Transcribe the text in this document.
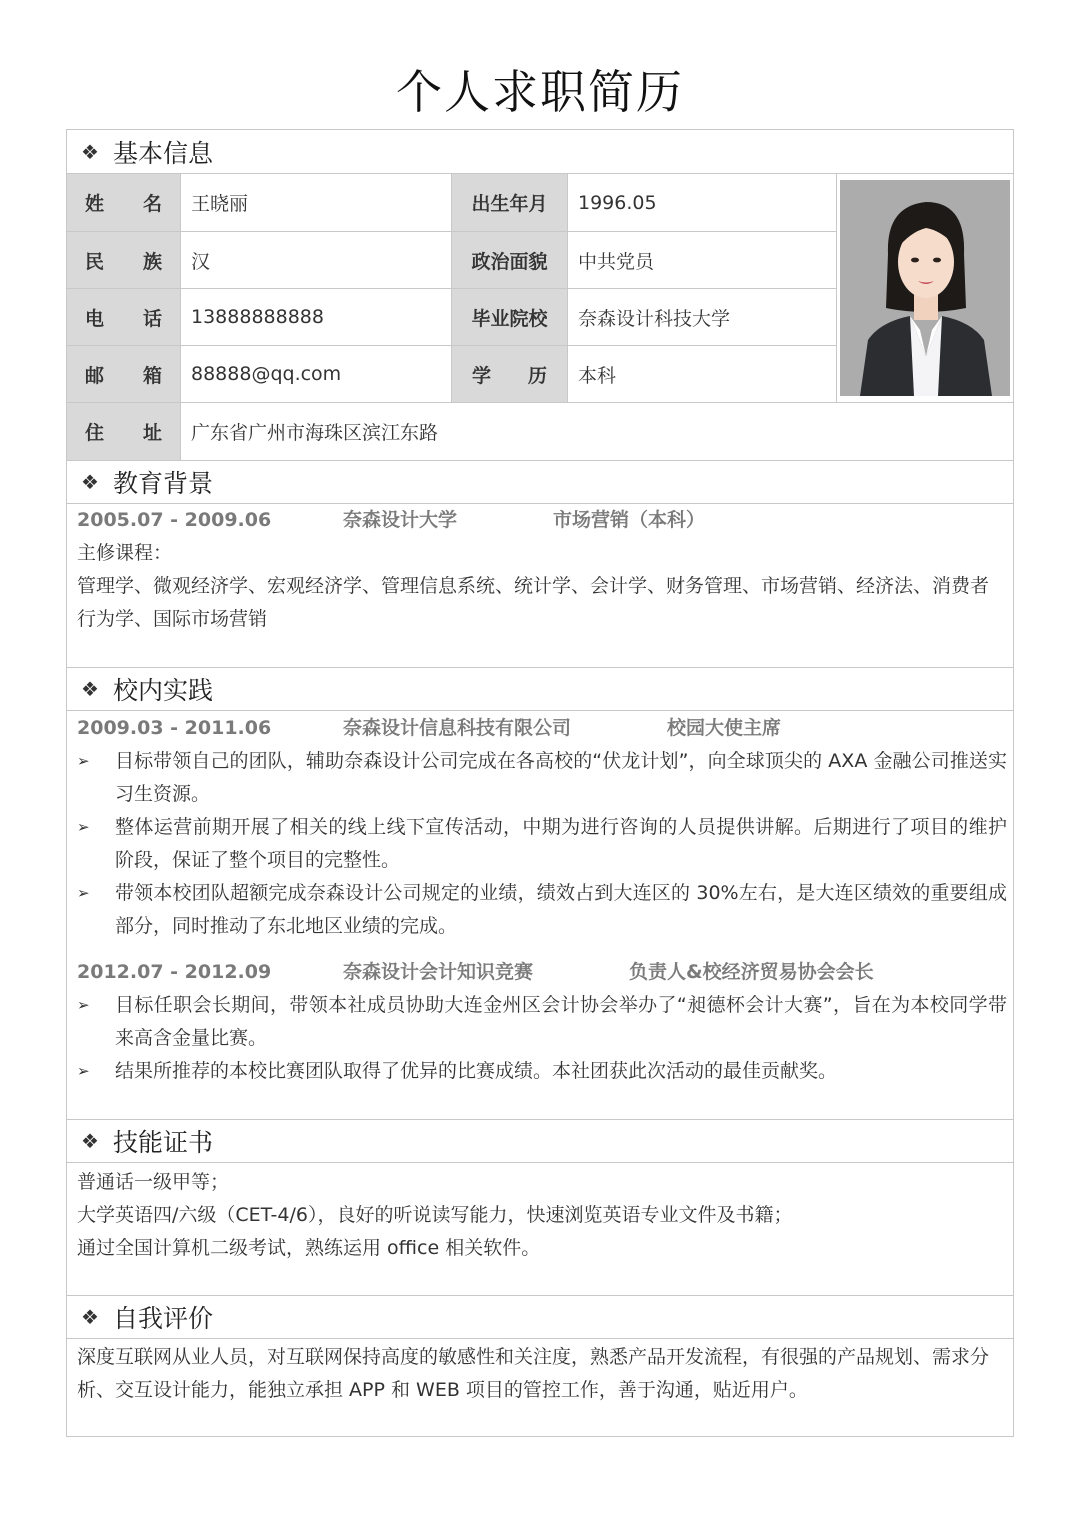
个人求职简历
❖ 基本信息
姓 名	王晓丽	出生年月	1996.05
民 族	汉	政治面貌	中共党员
电 话	13888888888	毕业院校	奈森设计科技大学
邮 箱	88888@qq.com	学 历	本科
住 址	广东省广州市海珠区滨江东路
❖ 教育背景
2005.07 - 2009.06	奈森设计大学	市场营销（本科）
主修课程：
管理学、微观经济学、宏观经济学、管理信息系统、统计学、会计学、财务管理、市场营销、经济法、消费者行为学、国际市场营销
❖ 校内实践
2009.03 - 2011.06	奈森设计信息科技有限公司	校园大使主席
➢ 目标带领自己的团队，辅助奈森设计公司完成在各高校的“伏龙计划”，向全球顶尖的 AXA 金融公司推送实习生资源。
➢ 整体运营前期开展了相关的线上线下宣传活动，中期为进行咨询的人员提供讲解。后期进行了项目的维护阶段，保证了整个项目的完整性。
➢ 带领本校团队超额完成奈森设计公司规定的业绩，绩效占到大连区的 30%左右，是大连区绩效的重要组成部分，同时推动了东北地区业绩的完成。
2012.07 - 2012.09	奈森设计会计知识竞赛	负责人&校经济贸易协会会长
➢ 目标任职会长期间，带领本社成员协助大连金州区会计协会举办了“昶德杯会计大赛”，旨在为本校同学带来高含金量比赛。
➢ 结果所推荐的本校比赛团队取得了优异的比赛成绩。本社团获此次活动的最佳贡献奖。
❖ 技能证书
普通话一级甲等；
大学英语四/六级（CET-4/6），良好的听说读写能力，快速浏览英语专业文件及书籍；
通过全国计算机二级考试，熟练运用 office 相关软件。
❖ 自我评价
深度互联网从业人员，对互联网保持高度的敏感性和关注度，熟悉产品开发流程，有很强的产品规划、需求分析、交互设计能力，能独立承担 APP 和 WEB 项目的管控工作，善于沟通，贴近用户。
